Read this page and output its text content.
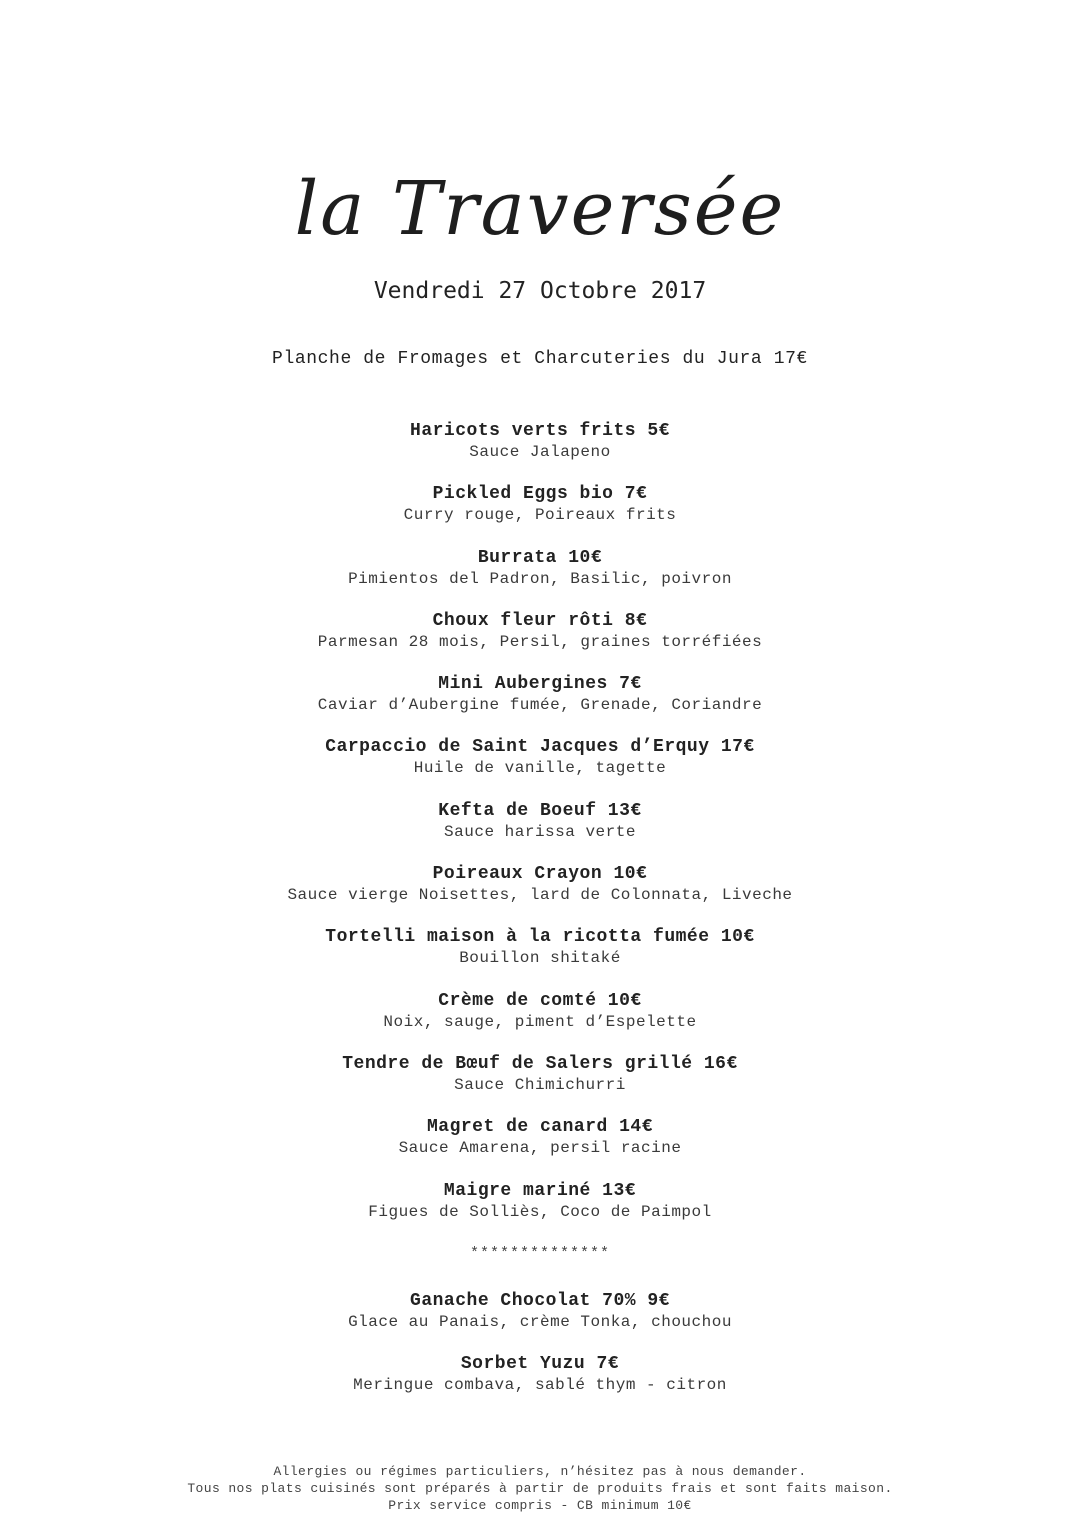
la Traversée
Vendredi 27 Octobre 2017
Planche de Fromages et Charcuteries du Jura 17€
Haricots verts frits 5€
Sauce Jalapeno
Pickled Eggs bio 7€
Curry rouge, Poireaux frits
Burrata 10€
Pimientos del Padron, Basilic, poivron
Choux fleur rôti 8€
Parmesan 28 mois, Persil, graines torréfiées
Mini Aubergines 7€
Caviar d’Aubergine fumée, Grenade, Coriandre
Carpaccio de Saint Jacques d’Erquy 17€
Huile de vanille, tagette
Kefta de Boeuf 13€
Sauce harissa verte
Poireaux Crayon 10€
Sauce vierge Noisettes, lard de Colonnata, Liveche
Tortelli maison à la ricotta fumée 10€
Bouillon shitaké
Crème de comté 10€
Noix, sauge, piment d’Espelette
Tendre de Bœuf de Salers grillé 16€
Sauce Chimichurri
Magret de canard 14€
Sauce Amarena, persil racine
Maigre mariné 13€
Figues de Solliès, Coco de Paimpol
**************
Ganache Chocolat 70% 9€
Glace au Panais, crème Tonka, chouchou
Sorbet Yuzu 7€
Meringue combava, sablé thym - citron
Allergies ou régimes particuliers, n’hésitez pas à nous demander.
Tous nos plats cuisinés sont préparés à partir de produits frais et sont faits maison.
Prix service compris - CB minimum 10€
